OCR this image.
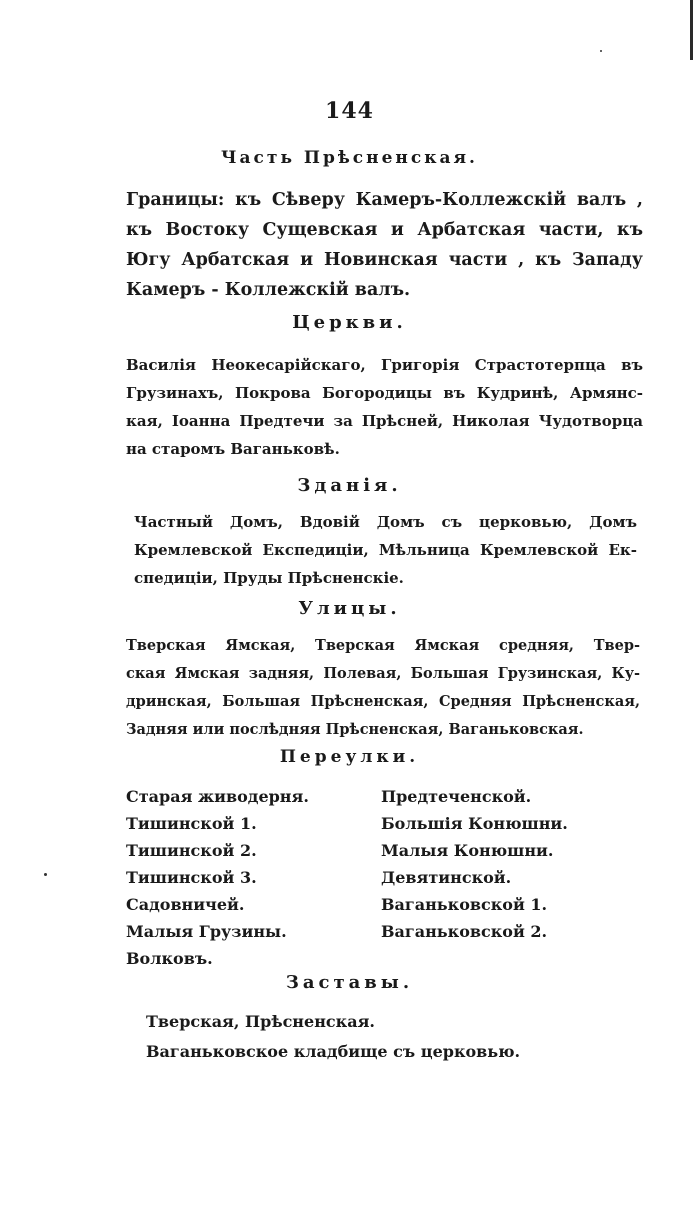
144
Часть Прѣсненская.
Границы: къ Сѣверу Камеръ-Коллежскій валъ ,
къ Востоку Сущевская и Арбатская части, къ
Югу Арбатская и Новинская части , къ Западу
Камеръ - Коллежскій валъ.
Церкви.
Василія Неокесарійскаго, Григорія Страстотерпца въ
Грузинахъ, Покрова Богородицы въ Кудринѣ, Армянс-
кая, Іоанна Предтечи за Прѣсней, Николая Чудотворца
на старомъ Ваганьковѣ.
Зданія.
Частный Домъ, Вдовій Домъ съ церковью, Домъ
Кремлевской Експедиціи, Мѣльница Кремлевской Ек-
спедиціи, Пруды Прѣсненскіе.
Улицы.
Тверская Ямская, Тверская Ямская средняя, Твер-
ская Ямская задняя, Полевая, Большая Грузинская, Ку-
дринская, Большая Прѣсненская, Средняя Прѣсненская,
Задняя или послѣдняя Прѣсненская, Ваганьковская.
Переулки.
Старая живодерня.
Тишинской 1.
Тишинской 2.
Тишинской 3.
Садовничей.
Малыя Грузины.
Волковъ.
Предтеченской.
Большія Конюшни.
Малыя Конюшни.
Девятинской.
Ваганьковской 1.
Ваганьковской 2.
Заставы.
Тверская, Прѣсненская.
Ваганьковское кладбище съ церковью.
